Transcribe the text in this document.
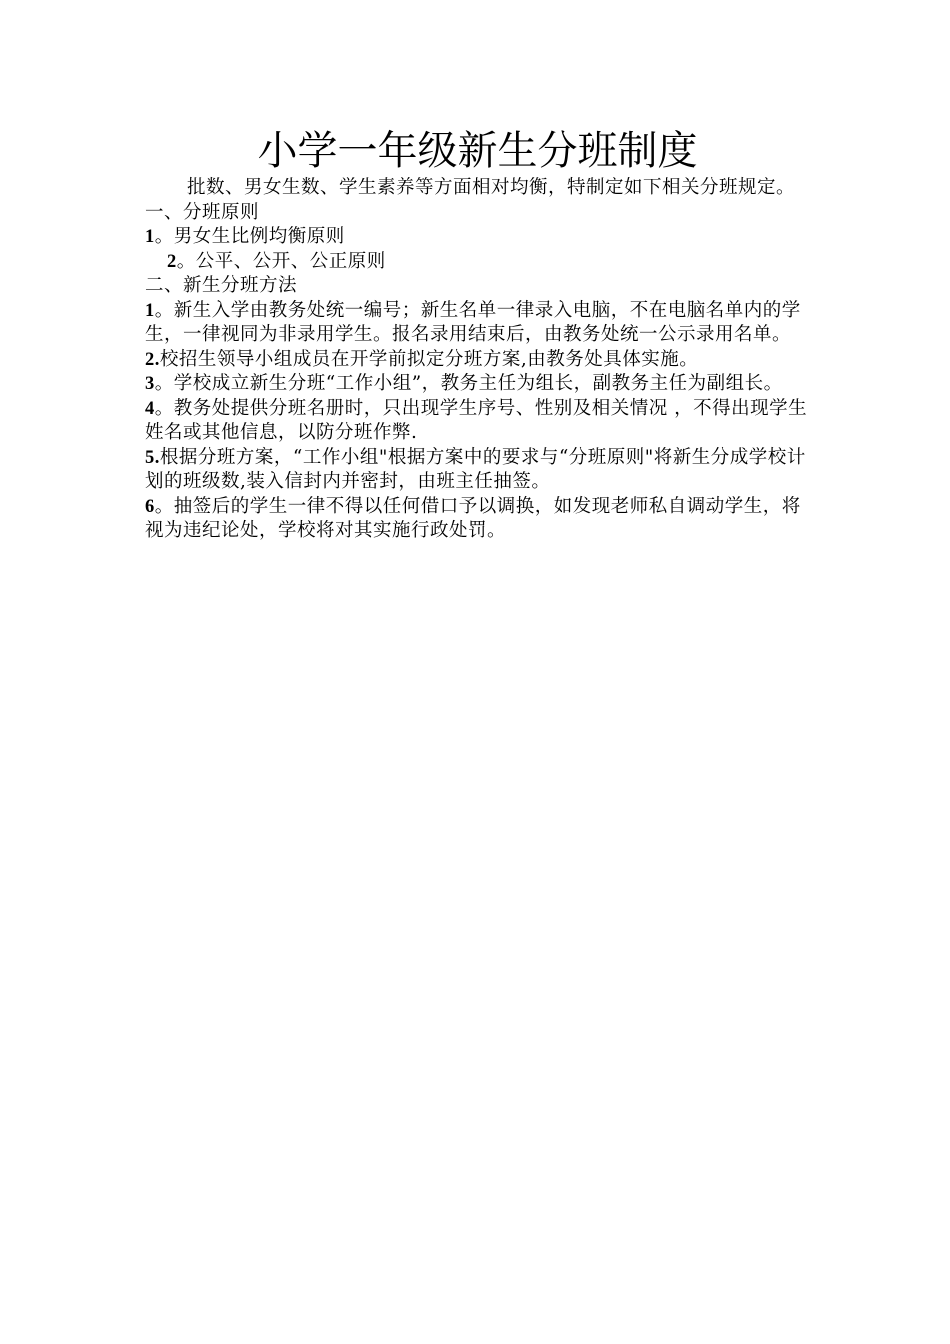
小学一年级新生分班制度

批数、男女生数、学生素养等方面相对均衡，特制定如下相关分班规定。

一、分班原则

1。男女生比例均衡原则

2。公平、公开、公正原则

二、新生分班方法

1。新生入学由教务处统一编号；新生名单一律录入电脑，不在电脑名单内的学生，一律视同为非录用学生。报名录用结束后，由教务处统一公示录用名单。

2.校招生领导小组成员在开学前拟定分班方案,由教务处具体实施。

3。学校成立新生分班“工作小组”，教务主任为组长，副教务主任为副组长。

4。教务处提供分班名册时，只出现学生序号、性别及相关情况 ，不得出现学生姓名或其他信息，以防分班作弊.

5.根据分班方案，“工作小组"根据方案中的要求与“分班原则"将新生分成学校计划的班级数,装入信封内并密封，由班主任抽签。

6。抽签后的学生一律不得以任何借口予以调换，如发现老师私自调动学生，将视为违纪论处，学校将对其实施行政处罚。
